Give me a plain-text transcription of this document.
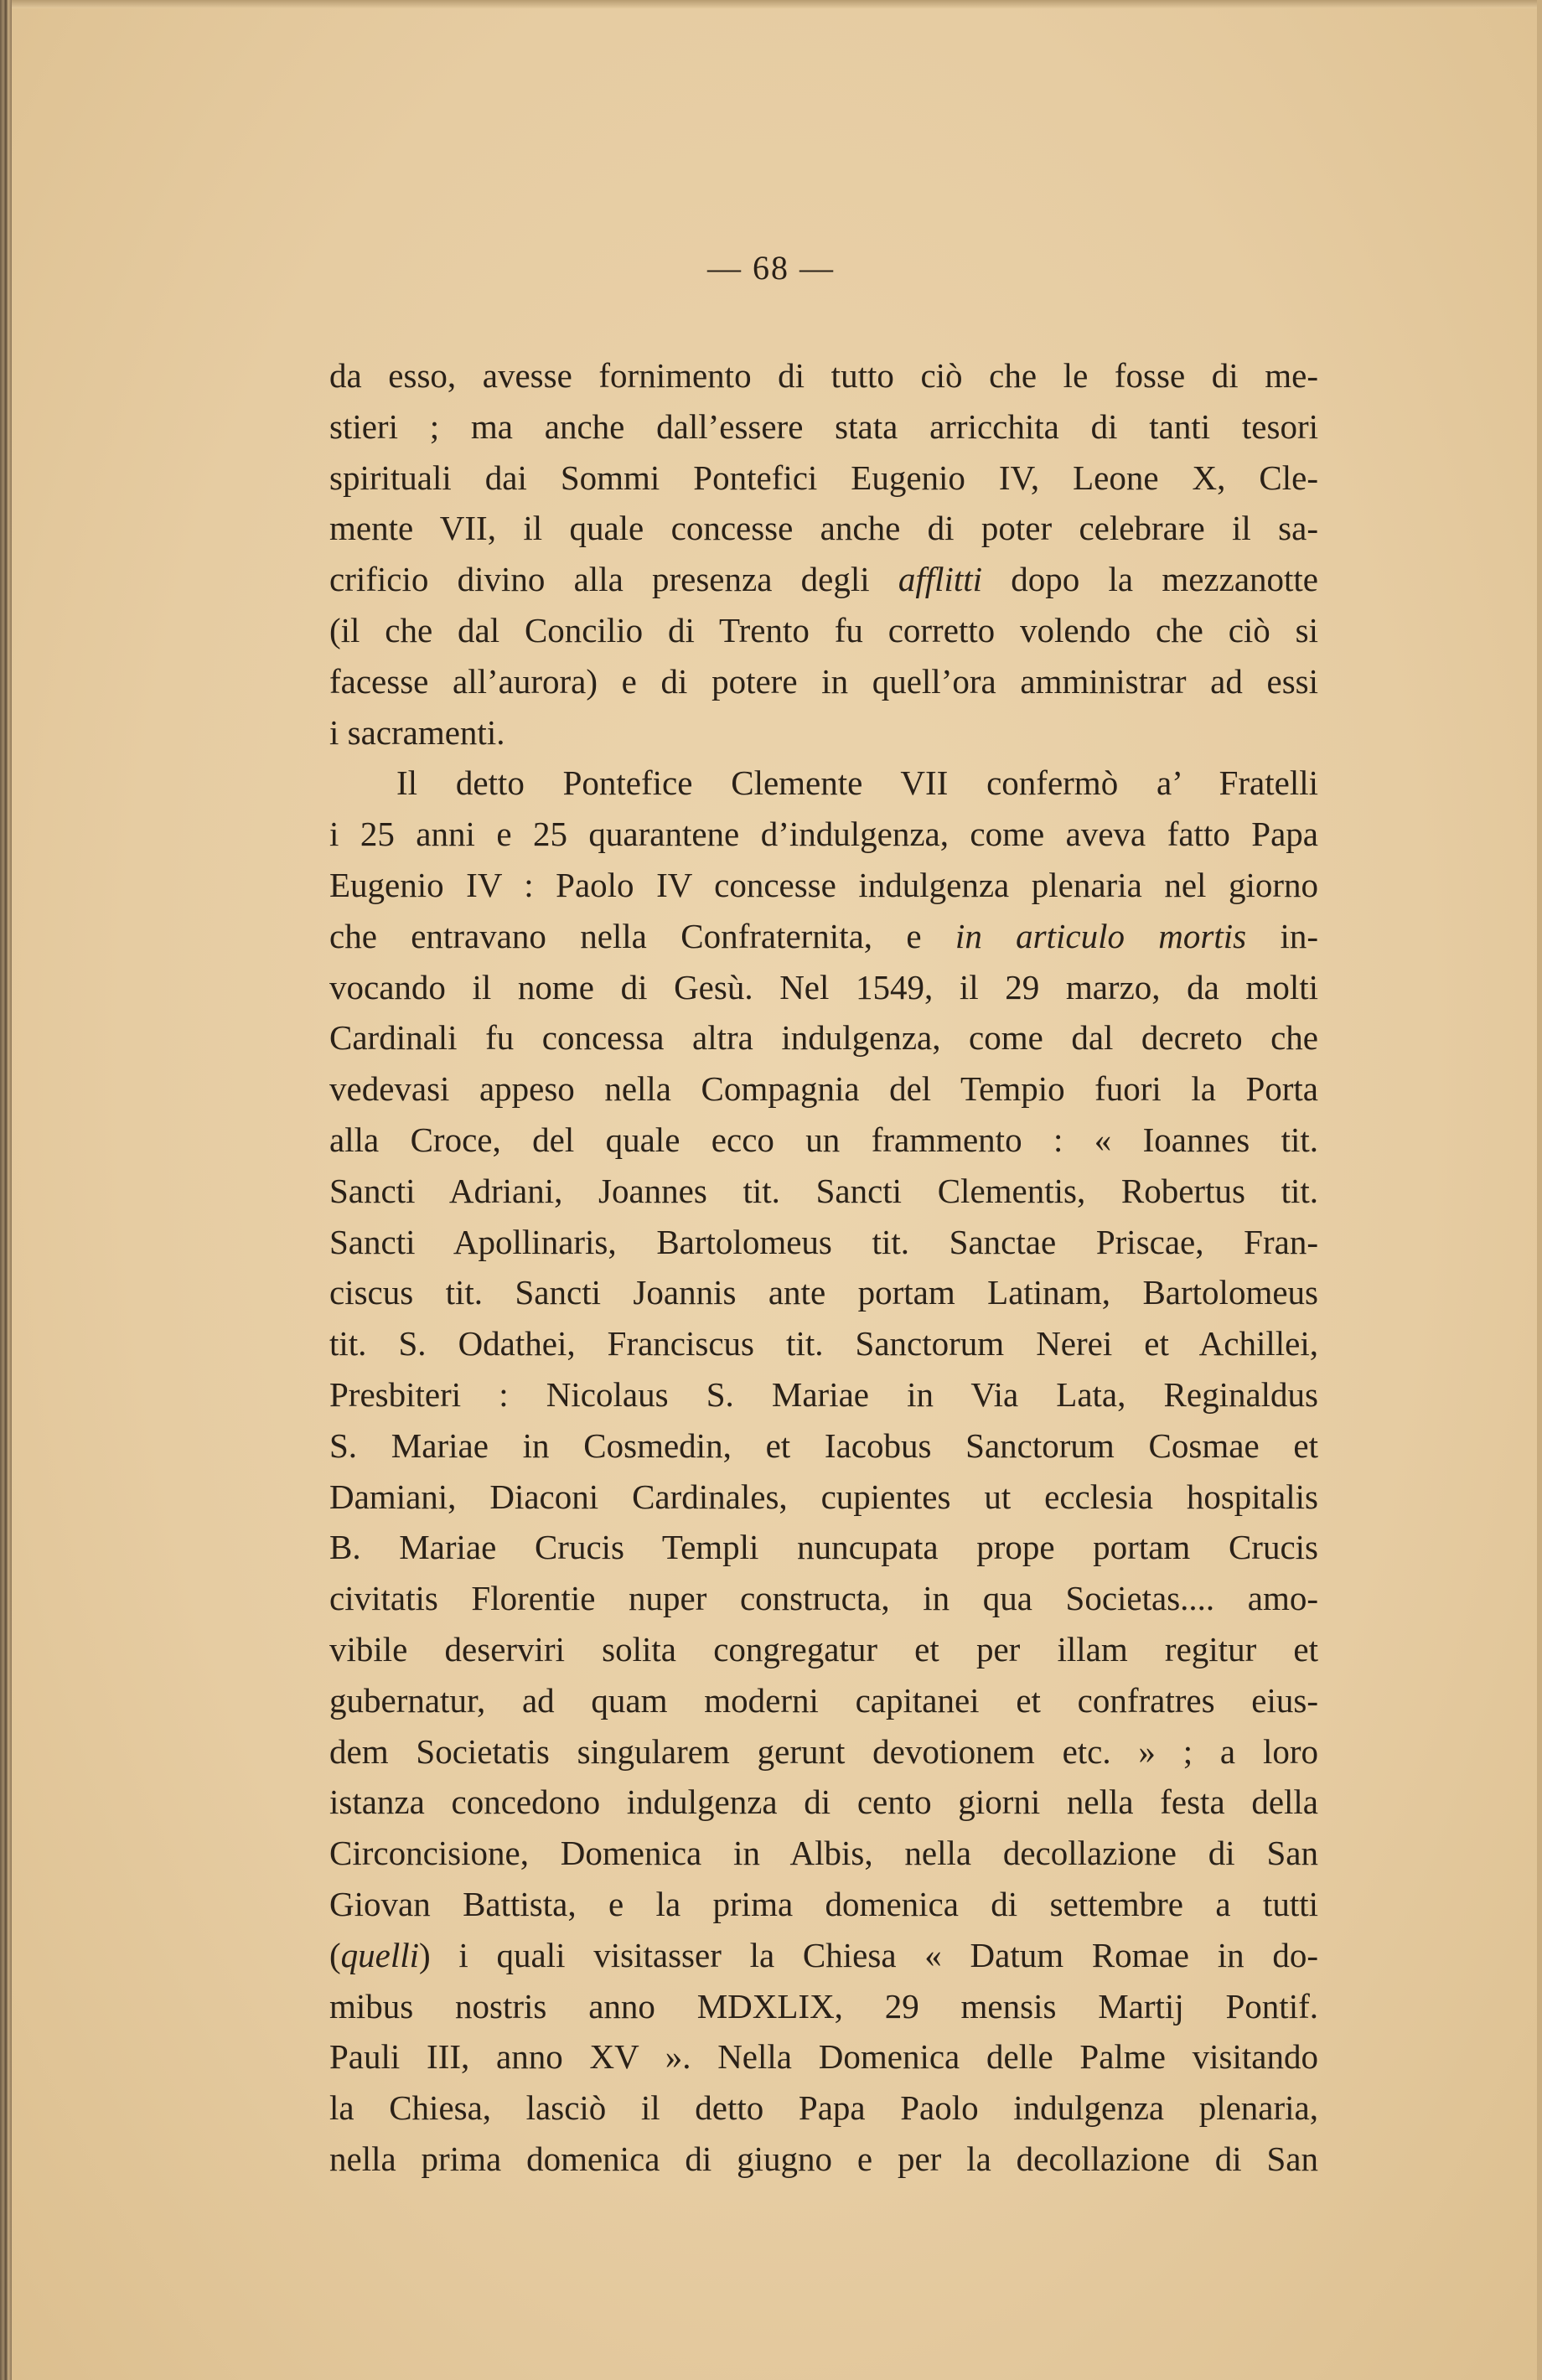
— 68 —
da esso, avesse fornimento di tutto ciò che le fosse di me-
stieri ; ma anche dall’essere stata arricchita di tanti tesori
spirituali dai Sommi Pontefici Eugenio IV, Leone X, Cle-
mente VII, il quale concesse anche di poter celebrare il sa-
crificio divino alla presenza degli afflitti dopo la mezzanotte
(il che dal Concilio di Trento fu corretto volendo che ciò si
facesse all’aurora) e di potere in quell’ora amministrar ad essi
i sacramenti.
Il detto Pontefice Clemente VII confermò a’ Fratelli
i 25 anni e 25 quarantene d’indulgenza, come aveva fatto Papa
Eugenio IV : Paolo IV concesse indulgenza plenaria nel giorno
che entravano nella Confraternita, e in articulo mortis in-
vocando il nome di Gesù. Nel 1549, il 29 marzo, da molti
Cardinali fu concessa altra indulgenza, come dal decreto che
vedevasi appeso nella Compagnia del Tempio fuori la Porta
alla Croce, del quale ecco un frammento : « Ioannes tit.
Sancti Adriani, Joannes tit. Sancti Clementis, Robertus tit.
Sancti Apollinaris, Bartolomeus tit. Sanctae Priscae, Fran-
ciscus tit. Sancti Joannis ante portam Latinam, Bartolomeus
tit. S. Odathei, Franciscus tit. Sanctorum Nerei et Achillei,
Presbiteri : Nicolaus S. Mariae in Via Lata, Reginaldus
S. Mariae in Cosmedin, et Iacobus Sanctorum Cosmae et
Damiani, Diaconi Cardinales, cupientes ut ecclesia hospitalis
B. Mariae Crucis Templi nuncupata prope portam Crucis
civitatis Florentie nuper constructa, in qua Societas.... amo-
vibile deserviri solita congregatur et per illam regitur et
gubernatur, ad quam moderni capitanei et confratres eius-
dem Societatis singularem gerunt devotionem etc. » ; a loro
istanza concedono indulgenza di cento giorni nella festa della
Circoncisione, Domenica in Albis, nella decollazione di San
Giovan Battista, e la prima domenica di settembre a tutti
(quelli) i quali visitasser la Chiesa « Datum Romae in do-
mibus nostris anno MDXLIX, 29 mensis Martij Pontif.
Pauli III, anno XV ». Nella Domenica delle Palme visitando
la Chiesa, lasciò il detto Papa Paolo indulgenza plenaria,
nella prima domenica di giugno e per la decollazione di San
